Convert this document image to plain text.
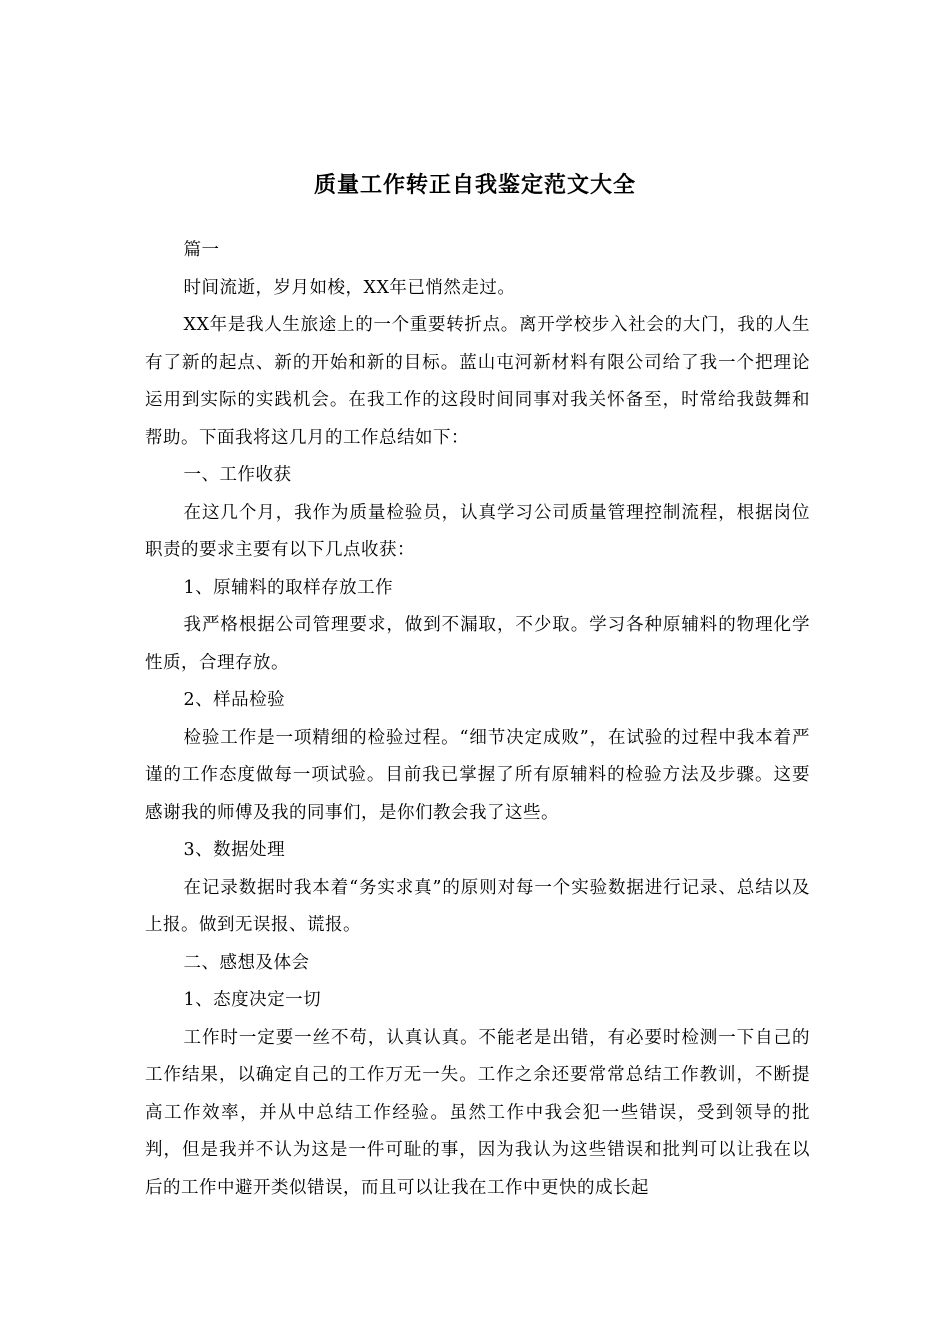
质量工作转正自我鉴定范文大全

篇一

时间流逝，岁月如梭，XX年已悄然走过。

XX年是我人生旅途上的一个重要转折点。离开学校步入社会的大门，我的人生有了新的起点、新的开始和新的目标。蓝山屯河新材料有限公司给了我一个把理论运用到实际的实践机会。在我工作的这段时间同事对我关怀备至，时常给我鼓舞和帮助。下面我将这几月的工作总结如下：

一、工作收获

在这几个月，我作为质量检验员，认真学习公司质量管理控制流程，根据岗位职责的要求主要有以下几点收获：

1、原辅料的取样存放工作

我严格根据公司管理要求，做到不漏取，不少取。学习各种原辅料的物理化学性质，合理存放。

2、样品检验

检验工作是一项精细的检验过程。“细节决定成败”，在试验的过程中我本着严谨的工作态度做每一项试验。目前我已掌握了所有原辅料的检验方法及步骤。这要感谢我的师傅及我的同事们，是你们教会我了这些。

3、数据处理

在记录数据时我本着“务实求真”的原则对每一个实验数据进行记录、总结以及上报。做到无误报、谎报。

二、感想及体会

1、态度决定一切

工作时一定要一丝不苟，认真认真。不能老是出错，有必要时检测一下自己的工作结果，以确定自己的工作万无一失。工作之余还要常常总结工作教训，不断提高工作效率，并从中总结工作经验。虽然工作中我会犯一些错误，受到领导的批判，但是我并不认为这是一件可耻的事，因为我认为这些错误和批判可以让我在以后的工作中避开类似错误，而且可以让我在工作中更快的成长起
